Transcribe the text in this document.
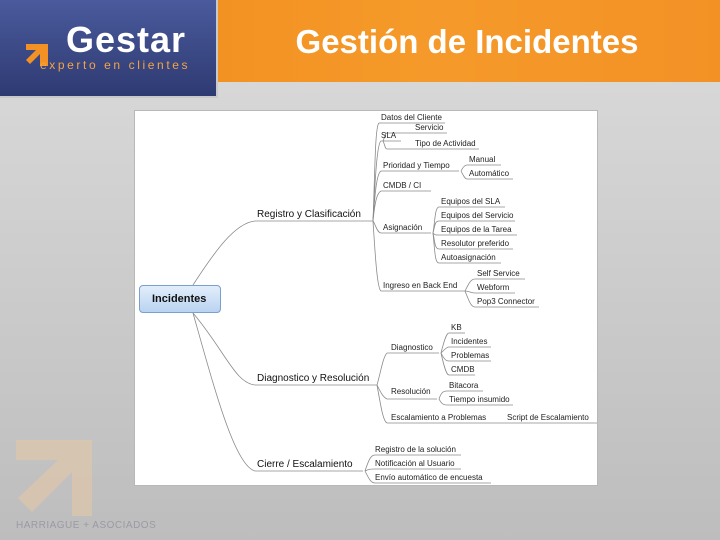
Gestar
experto en clientes
Gestión de Incidentes
HARRIAGUE + ASOCIADOS
Incidentes
Registro y Clasificación
Diagnostico y Resolución
Cierre / Escalamiento
Datos del Cliente
SLA
Servicio
Tipo de Actividad
Prioridad y Tiempo
Manual
Automático
CMDB / CI
Asignación
Equipos del SLA
Equipos del Servicio
Equipos de la Tarea
Resolutor preferido
Autoasignación
Ingreso en Back End
Self Service
Webform
Pop3 Connector
Diagnostico
KB
Incidentes
Problemas
CMDB
Resolución
Bitacora
Tiempo insumido
Escalamiento a Problemas	Script de Escalamiento
Registro de la solución
Notificación al Usuario
Envío automático de encuesta
